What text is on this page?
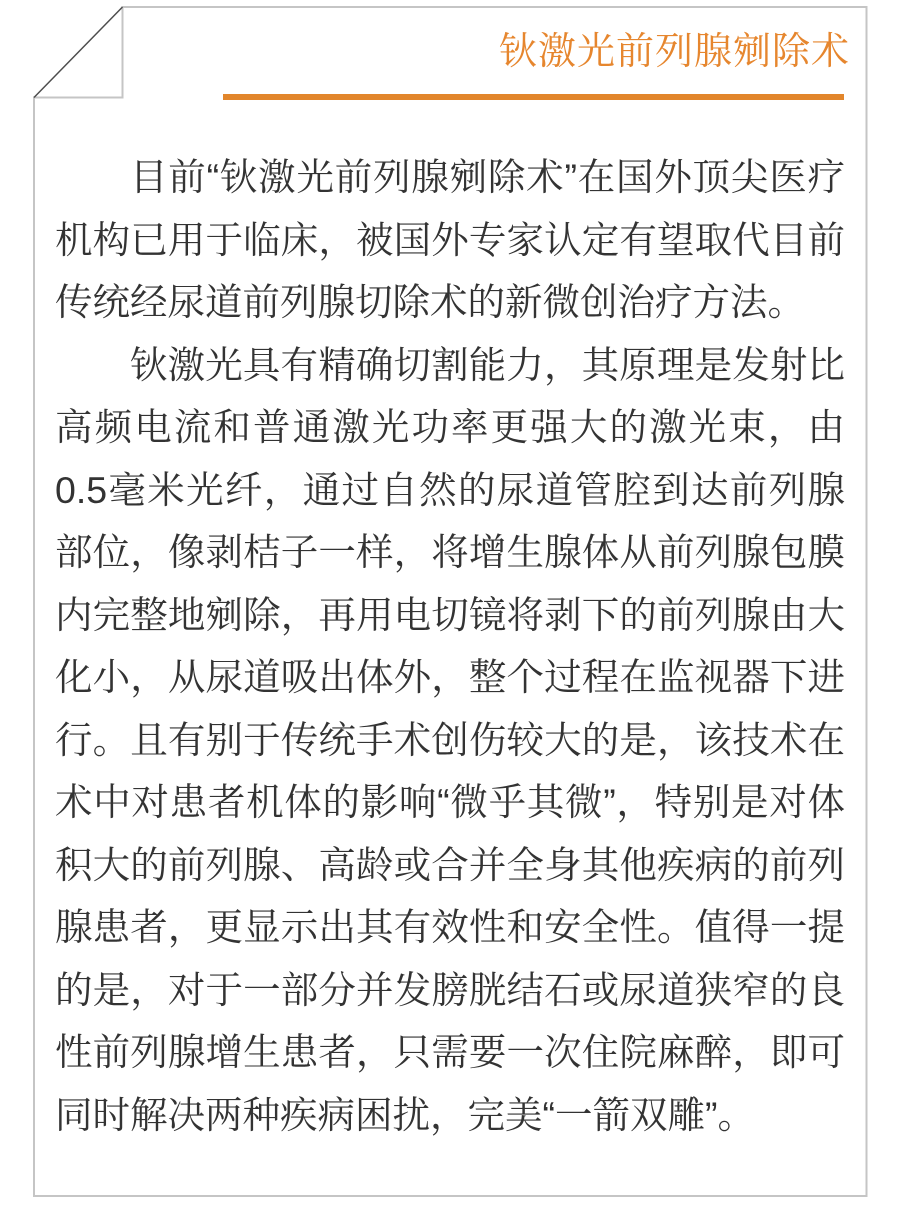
钬激光前列腺剜除术

目前“钬激光前列腺剜除术”在国外顶尖医疗机构已用于临床，被国外专家认定有望取代目前传统经尿道前列腺切除术的新微创治疗方法。

钬激光具有精确切割能力，其原理是发射比高频电流和普通激光功率更强大的激光束，由0.5毫米光纤，通过自然的尿道管腔到达前列腺部位，像剥桔子一样，将增生腺体从前列腺包膜内完整地剜除，再用电切镜将剥下的前列腺由大化小，从尿道吸出体外，整个过程在监视器下进行。且有别于传统手术创伤较大的是，该技术在术中对患者机体的影响“微乎其微”，特别是对体积大的前列腺、高龄或合并全身其他疾病的前列腺患者，更显示出其有效性和安全性。值得一提的是，对于一部分并发膀胱结石或尿道狭窄的良性前列腺增生患者，只需要一次住院麻醉，即可同时解决两种疾病困扰，完美“一箭双雕”。
